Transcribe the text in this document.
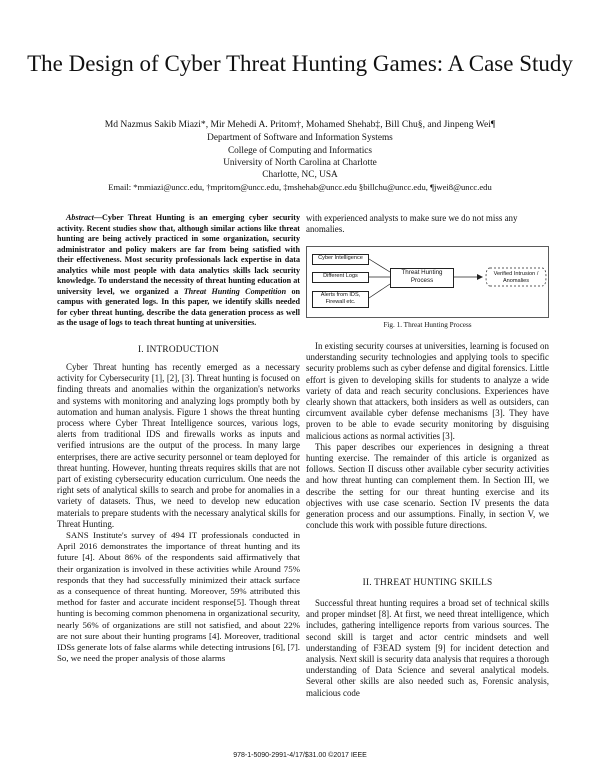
The Design of Cyber Threat Hunting Games: A Case Study
Md Nazmus Sakib Miazi*, Mir Mehedi A. Pritom†, Mohamed Shehab‡, Bill Chu§, and Jinpeng Wei¶
Department of Software and Information Systems
College of Computing and Informatics
University of North Carolina at Charlotte
Charlotte, NC, USA
Email: *mmiazi@uncc.edu, †mpritom@uncc.edu, ‡mshehab@uncc.edu §billchu@uncc.edu, ¶jwei8@uncc.edu
Abstract—Cyber Threat Hunting is an emerging cyber security activity. Recent studies show that, although similar actions like threat hunting are being actively practiced in some organization, security administrator and policy makers are far from being satisfied with their effectiveness. Most security professionals lack expertise in data analytics while most people with data analytics skills lack security knowledge. To understand the necessity of threat hunting education at university level, we organized a Threat Hunting Competition on campus with generated logs. In this paper, we identify skills needed for cyber threat hunting, describe the data generation process as well as the usage of logs to teach threat hunting at universities.
I. INTRODUCTION

Cyber Threat hunting has recently emerged as a necessary activity for Cybersecurity [1], [2], [3]. Threat hunting is focused on finding threats and anomalies within the organization's networks and systems with monitoring and analyzing logs promptly both by automation and human analysis. Figure 1 shows the threat hunting process where Cyber Threat Intelligence sources, various logs, alerts from traditional IDS and firewalls works as inputs and verified intrusions are the output of the process. In many large enterprises, there are active security personnel or team deployed for threat hunting. However, hunting threats requires skills that are not part of existing cybersecurity education curriculum. One needs the right sets of analytical skills to search and probe for anomalies in a variety of datasets. Thus, we need to develop new education materials to prepare students with the necessary analytical skills for Threat Hunting.

SANS Institute's survey of 494 IT professionals conducted in April 2016 demonstrates the importance of threat hunting and its future [4]. About 86% of the respondents said affirmatively that their organization is involved in these activities while Around 75% responds that they had successfully minimized their attack surface as a consequence of threat hunting. Moreover, 59% attributed this method for faster and accurate incident response[5]. Though threat hunting is becoming common phenomena in organizational security, nearly 56% of organizations are still not satisfied, and about 22% are not sure about their hunting programs [4]. Moreover, traditional IDSs generate lots of false alarms while detecting intrusions [6], [7]. So, we need the proper analysis of those alarms

with experienced analysts to make sure we do not miss any anomalies.
Cyber Intelligence
Different Logs
Alerts from IDS, Firewall etc.
Threat Hunting Process
Verified Intrusion / Anomalies
Fig. 1. Threat Hunting Process

In existing security courses at universities, learning is focused on understanding security technologies and applying tools to specific security problems such as cyber defense and digital forensics. Little effort is given to developing skills for students to analyze a wide variety of data and reach security conclusions. Experiences have clearly shown that attackers, both insiders as well as outsiders, can circumvent available cyber defense mechanisms [3]. They have proven to be able to evade security monitoring by disguising malicious actions as normal activities [3].

This paper describes our experiences in designing a threat hunting exercise. The remainder of this article is organized as follows. Section II discuss other available cyber security activities and how threat hunting can complement them. In Section III, we describe the setting for our threat hunting exercise and its objectives with use case scenario. Section IV presents the data generation process and our assumptions. Finally, in section V, we conclude this work with possible future directions.

II. THREAT HUNTING SKILLS

Successful threat hunting requires a broad set of technical skills and proper mindset [8]. At first, we need threat intelligence, which includes, gathering intelligence reports from various sources. The second skill is target and actor centric mindsets and well understanding of F3EAD system [9] for incident detection and analysis. Next skill is security data analysis that requires a thorough understanding of Data Science and several analytical models. Several other skills are also needed such as, Forensic analysis, malicious code

978-1-5090-2991-4/17/$31.00 ©2017 IEEE
